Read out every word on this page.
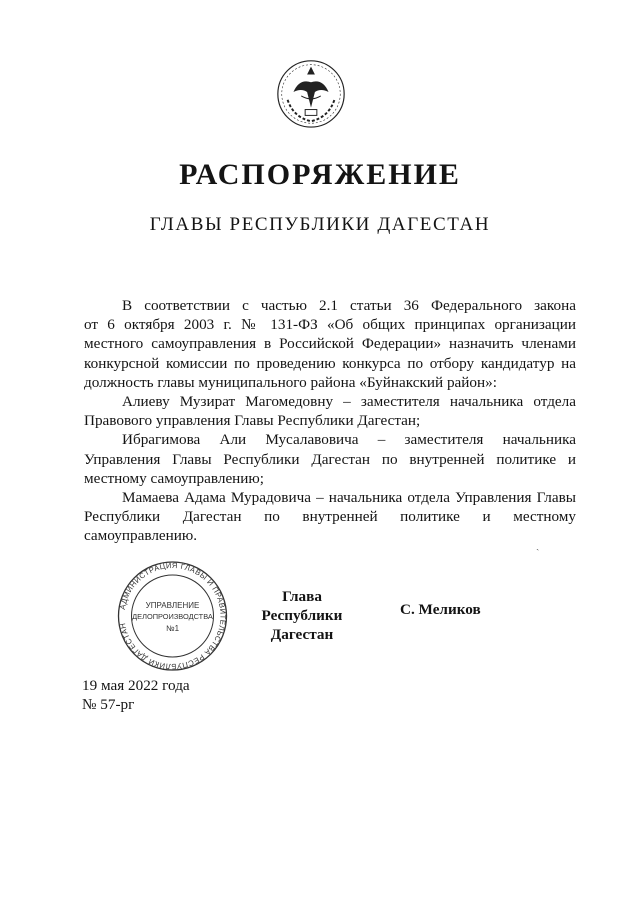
РАСПОРЯЖЕНИЕ
ГЛАВЫ РЕСПУБЛИКИ ДАГЕСТАН

В соответствии с частью 2.1 статьи 36 Федерального закона

от 6 октября 2003 г. № 131-ФЗ «Об общих принципах организации

местного самоуправления в Российской Федерации» назначить членами

конкурсной комиссии по проведению конкурса по отбору кандидатур на

должность главы муниципального района «Буйнакский район»:

Алиеву Музират Магомедовну – заместителя начальника отдела

Правового управления Главы Республики Дагестан;

Ибрагимова Али Мусалавовича – заместителя начальника

Управления Главы Республики Дагестан по внутренней политике и

местному самоуправлению;

Мамаева Адама Мурадовича – начальника отдела Управления Главы

Республики Дагестан по внутренней политике и местному

самоуправлению.

ˎ
АДМИНИСТРАЦИЯ ГЛАВЫ И ПРАВИТЕЛЬСТВА РЕСПУБЛИКИ ДАГЕСТАН
УПРАВЛЕНИЕ
ДЕЛОПРОИЗВОДСТВА
№1
Глава
Республики Дагестан
С. Меликов
19 мая 2022 года
№ 57-рг
